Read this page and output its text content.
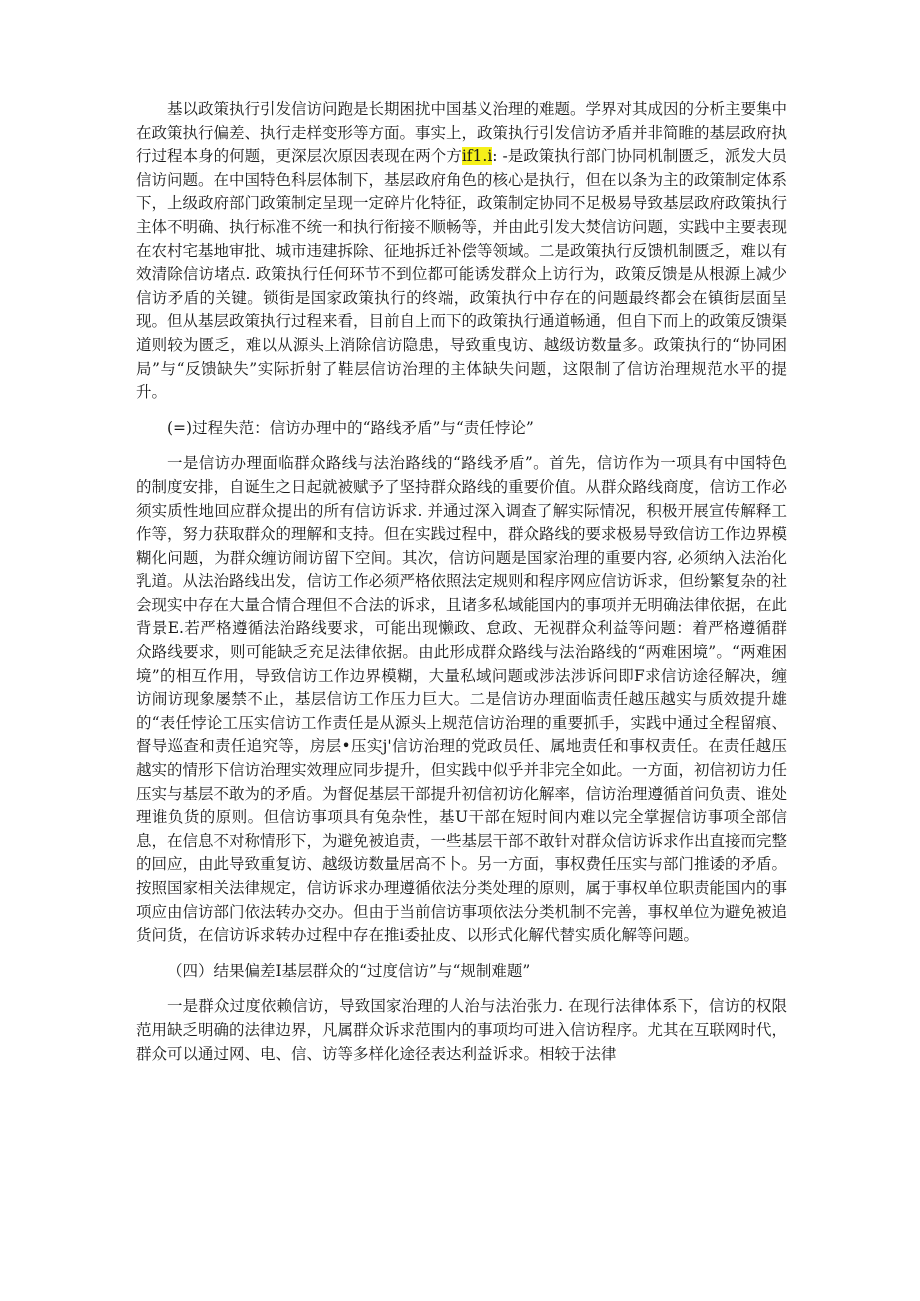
基以政策执行引发信访问跑是长期困扰中国基义治理的难题。学界对其成因的分析主要集中在政策执行偏差、执行走样变形等方面。事实上，政策执行引发信访矛盾并非简睢的基层政府执行过程本身的何题，更深层次原因表现在两个方if1.i: -是政策执行部门协同机制匮乏，派发大员信访问题。在中国特色科层体制下，基层政府角色的核心是执行，但在以条为主的政策制定体系下，上级政府部门政策制定呈现一定碎片化特征，政策制定协同不足极易导致基层政府政策执行主体不明确、执行标准不统一和执行衔接不顺畅等，并由此引发大焚信访问题，实践中主要表现在农村宅基地审批、城市违建拆除、征地拆迁补偿等领域。二是政策执行反馈机制匮乏，难以有效清除信访堵点. 政策执行任何环节不到位都可能诱发群众上访行为，政策反馈是从根源上减少信访矛盾的关键。锁街是国家政策执行的终端，政策执行中存在的问题最终都会在镇街层面呈现。但从基层政策执行过程来看，目前自上而下的政策执行通道畅通，但自下而上的政策反馈渠道则较为匮乏，难以从源头上消除信访隐患，导致重曳访、越级访数量多。政策执行的“协同困局”与“反馈缺失”实际折射了鞋层信访治理的主体缺失问题，这限制了信访治理规范水平的提升。

(=)过程失范：信访办理中的“路线矛盾”与“责任悖论”

一是信访办理面临群众路线与法治路线的“路线矛盾”。首先，信访作为一项具有中国特色的制度安排，自诞生之日起就被赋予了坚持群众路线的重要价值。从群众路线商度，信访工作必须实质性地回应群众提出的所有信访诉求. 并通过深入调查了解实际情况，积极开展宣传解释工作等，努力获取群众的理解和支持。但在实践过程中，群众路线的要求极易导致信访工作边界模糊化问题，为群众缠访闹访留下空间。其次，信访问题是国家治理的重要内容, 必须纳入法治化乳道。从法治路线出发，信访工作必须严格依照法定规则和程序网应信访诉求，但纷繁复杂的社会现实中存在大量合情合理但不合法的诉求，且诸多私域能国内的事项并无明确法律依据，在此背景E.若严格遵循法治路线要求，可能出现懒政、怠政、无视群众利益等问题：着严格遵循群众路线要求，则可能缺乏充足法律依据。由此形成群众路线与法治路线的“两难困境”。“两难困境”的相互作用，导致信访工作边界模糊，大量私域问题或涉法涉诉问即F求信访途径解决，缠访闹访现象屡禁不止，基层信访工作压力巨大。二是信访办理面临责任越压越实与质效提升雄的“表任悖论工压实信访工作责任是从源头上规范信访治理的重要抓手，实践中通过全程留痕、督导巡查和责任追究等，房层•压实j'信访治理的党政员任、属地责任和事权责任。在责任越压越实的情形下信访治理实效理应同步提升，但实践中似乎并非完全如此。一方面，初信初访力任压实与基层不敢为的矛盾。为督促基层干部提升初信初访化解率，信访治理遵循首问负责、谁处理谁负货的原则。但信访事项具有兔杂性，基U干部在短时间内难以完全掌握信访事项全部信息，在信息不对称情形下，为避免被追责，一些基层干部不敢针对群众信访诉求作出直接而完整的回应，由此导致重复访、越级访数量居高不卜。另一方面，事权费任压实与部门推诿的矛盾。按照国家相关法律规定，信访诉求办理遵循依法分类处理的原则，属于事权单位职责能国内的事项应由信访部门依法转办交办。但由于当前信访事项依法分类机制不完善，事权单位为避免被追货问货，在信访诉求转办过程中存在推i委扯皮、以形式化解代替实质化解等问题。

（四）结果偏差I基层群众的“过度信访”与“规制难题”

一是群众过度依赖信访，导致国家治理的人治与法治张力. 在现行法律体系下，信访的权限范用缺乏明确的法律边界，凡属群众诉求范围内的事项均可进入信访程序。尤其在互联网时代，群众可以通过网、电、信、访等多样化途径表达利益诉求。相较于法律
